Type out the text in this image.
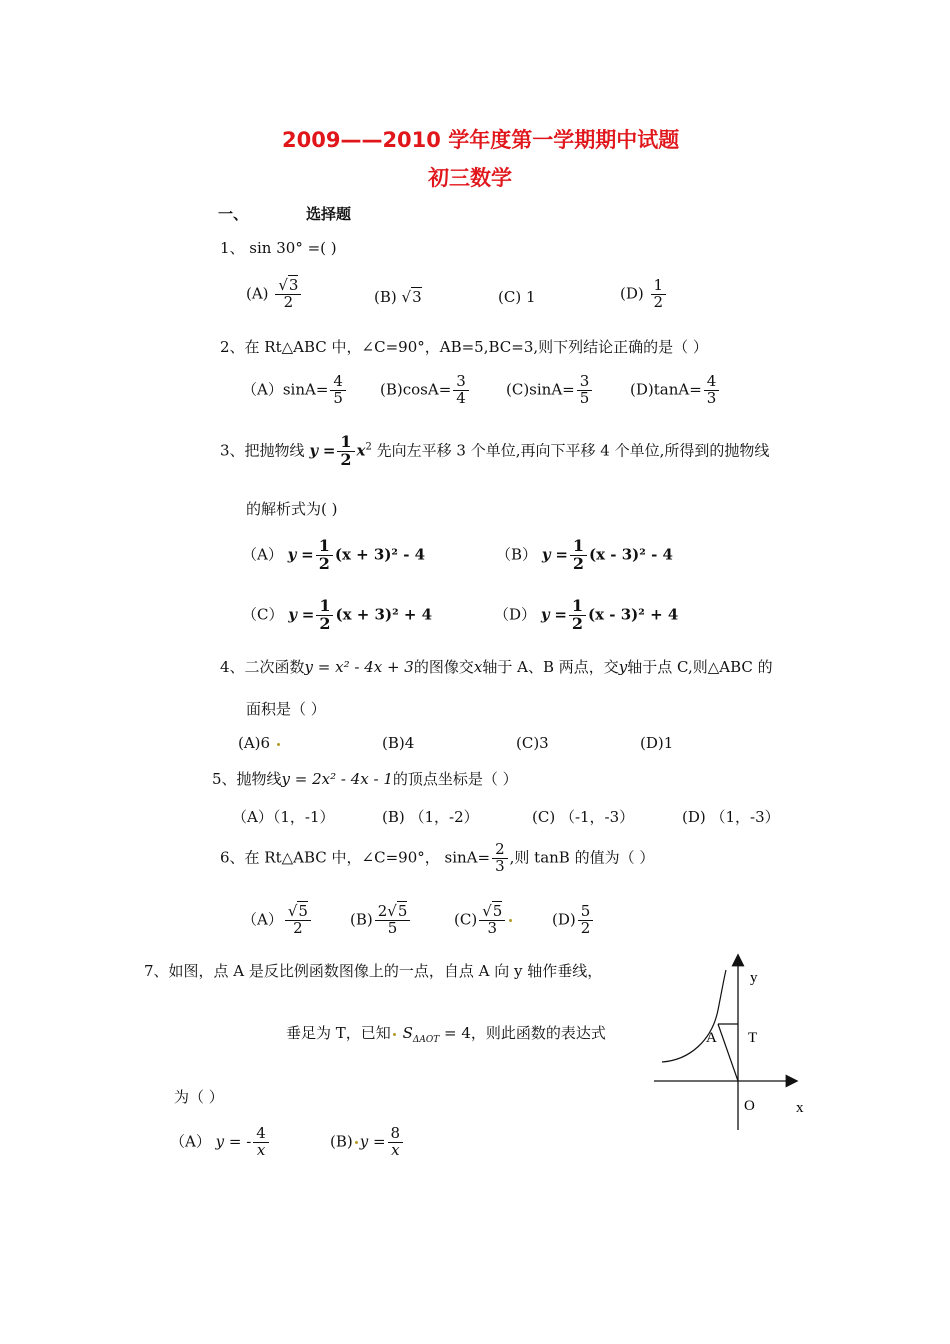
2009——2010 学年度第一学期期中试题
初三数学
一、	选择题
1、 sin 30° =( )
$(A) \frac{√3}{2}$	(B) √3	(C) 1	$(D) \frac{1}{2}$
2、在 Rt△ABC 中，∠C=90°，AB=5,BC=3,则下列结论正确的是（ ）
$(A)\sin A= \frac{4}{5} (B)\cos A= \frac{3}{4} (C)\sin A= \frac{3}{5}$	$(D)\tan A= \frac{4}{3}$
3、把抛物线 $y = \frac{1}{2} x^2$ 先向左平移 3 个单位,再向下平移 4 个单位,所得到的抛物线
的解析式为( )
（A） $y = \frac{1}{2} (x + 3)^2 - 4$	（B） $y = \frac{1}{2} (x - 3)^2 - 4$
（C） $y = \frac{1}{2} (x + 3)^2 + 4$	（D） $y = \frac{1}{2} (x - 3)^2 + 4$
4、二次函数y = x² - 4x + 3的图像交x轴于 A、B 两点，交y轴于点 C,则△ABC 的
面积是（ ）
(A)6	(B)4	(C)3	(D)1
5、抛物线y = 2x² - 4x - 1的顶点坐标是（ ）
（A）（1，-1）	(B) （1，-2）	(C) （-1，-3）	(D) （1，-3）
6、在 Rt△ABC 中，∠C=90°， $\sin A= \frac{2}{3}$ ,则 tanB 的值为（ ）
$(A) \frac{√5}{2}$	$(B) \frac{2√5}{5}$	$(C) \frac{√5}{3}$	$(D) \frac{5}{2}$
7、如图，点 A 是反比例函数图像上的一点，自点 A 向 y 轴作垂线，
垂足为 T，已知 $S_{\Delta AOT} = 4$，则此函数的表达式
为（ ）
（A） y = - $\frac{4}{x}$	(B) $y = \frac{8}{x}$
y
x
O
A T
